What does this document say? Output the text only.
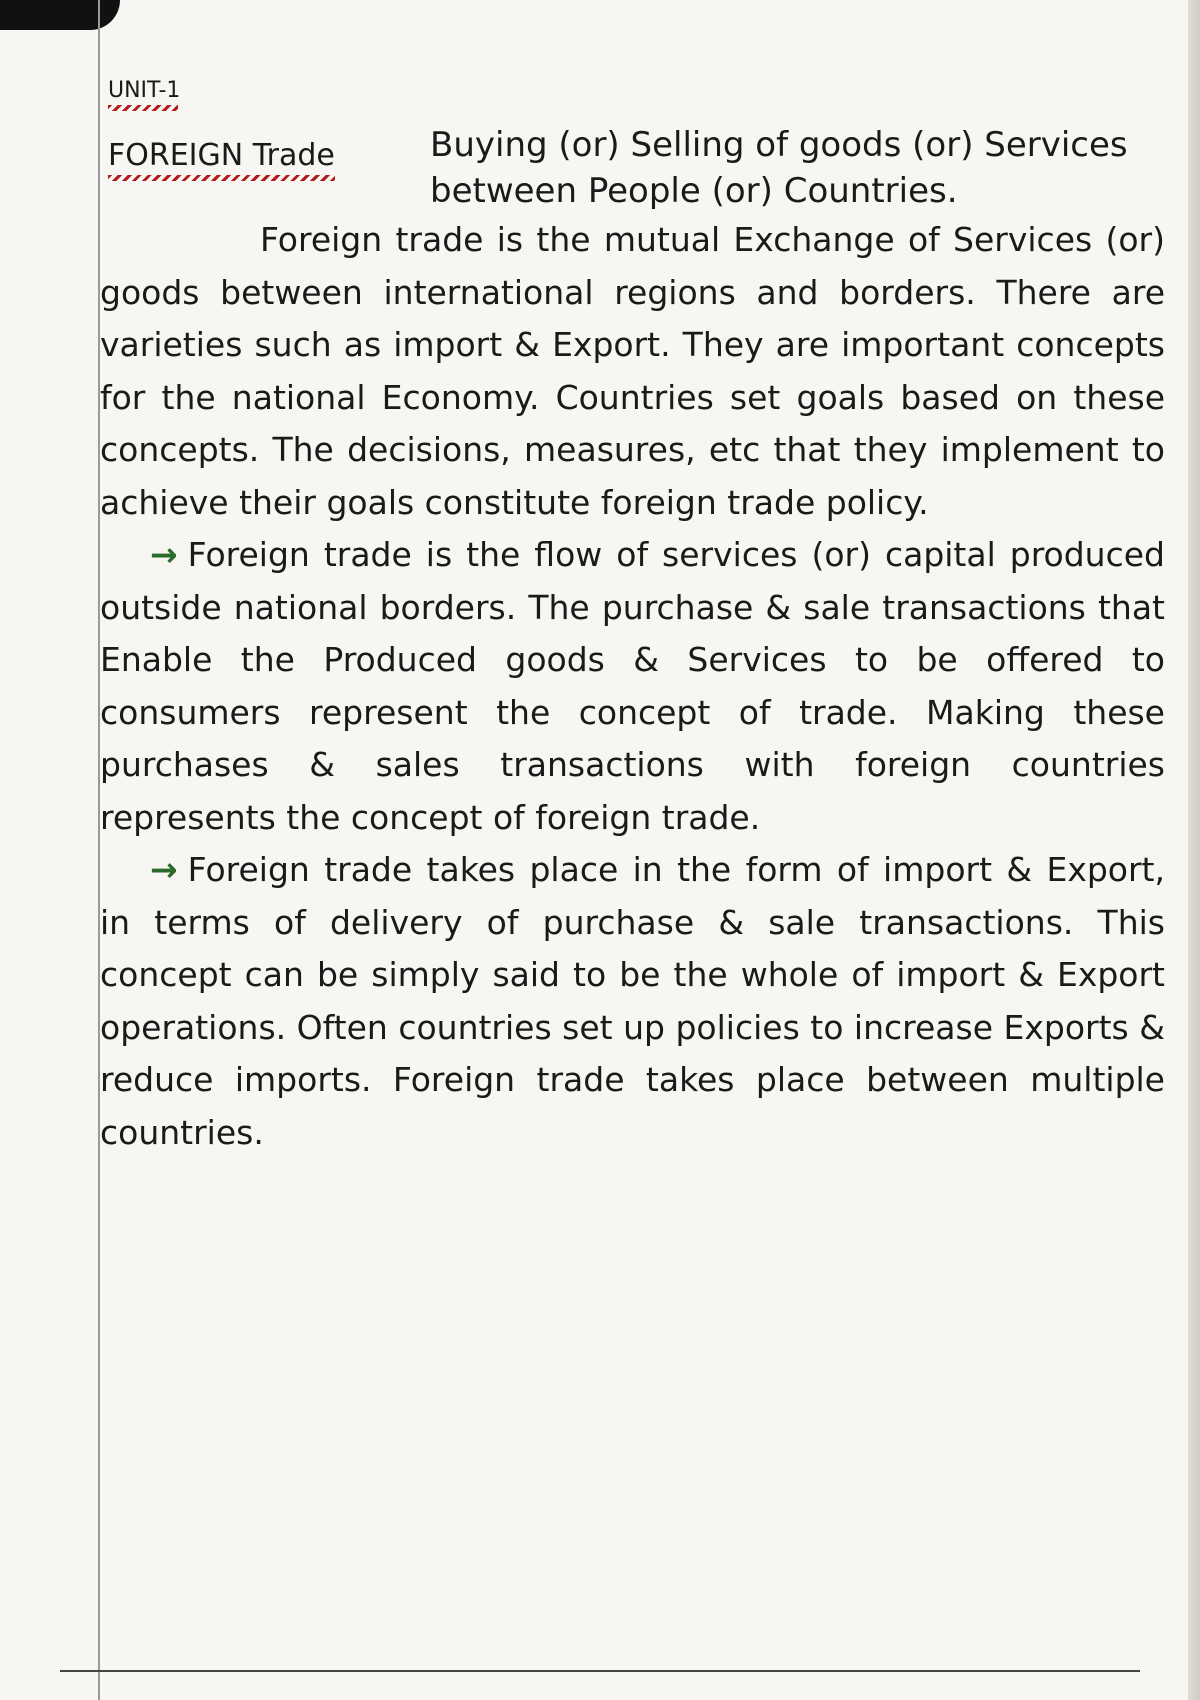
UNIT-1
FOREIGN Trade	Buying (or) Selling of goods (or) Services between People (or) Countries.

Foreign trade is the mutual Exchange of Services (or) goods between international regions and borders. There are varieties such as import & Export. They are important concepts for the national Economy. Countries set goals based on these concepts. The decisions, measures, etc that they implement to achieve their goals constitute foreign trade policy.

→ Foreign trade is the flow of services (or) capital produced outside national borders. The purchase & sale transactions that Enable the Produced goods & Services to be offered to consumers represent the concept of trade. Making these purchases & sales transactions with foreign countries represents the concept of foreign trade.

→ Foreign trade takes place in the form of import & Export, in terms of delivery of purchase & sale transactions. This concept can be simply said to be the whole of import & Export operations. Often countries set up policies to increase Exports & reduce imports. Foreign trade takes place between multiple countries.
